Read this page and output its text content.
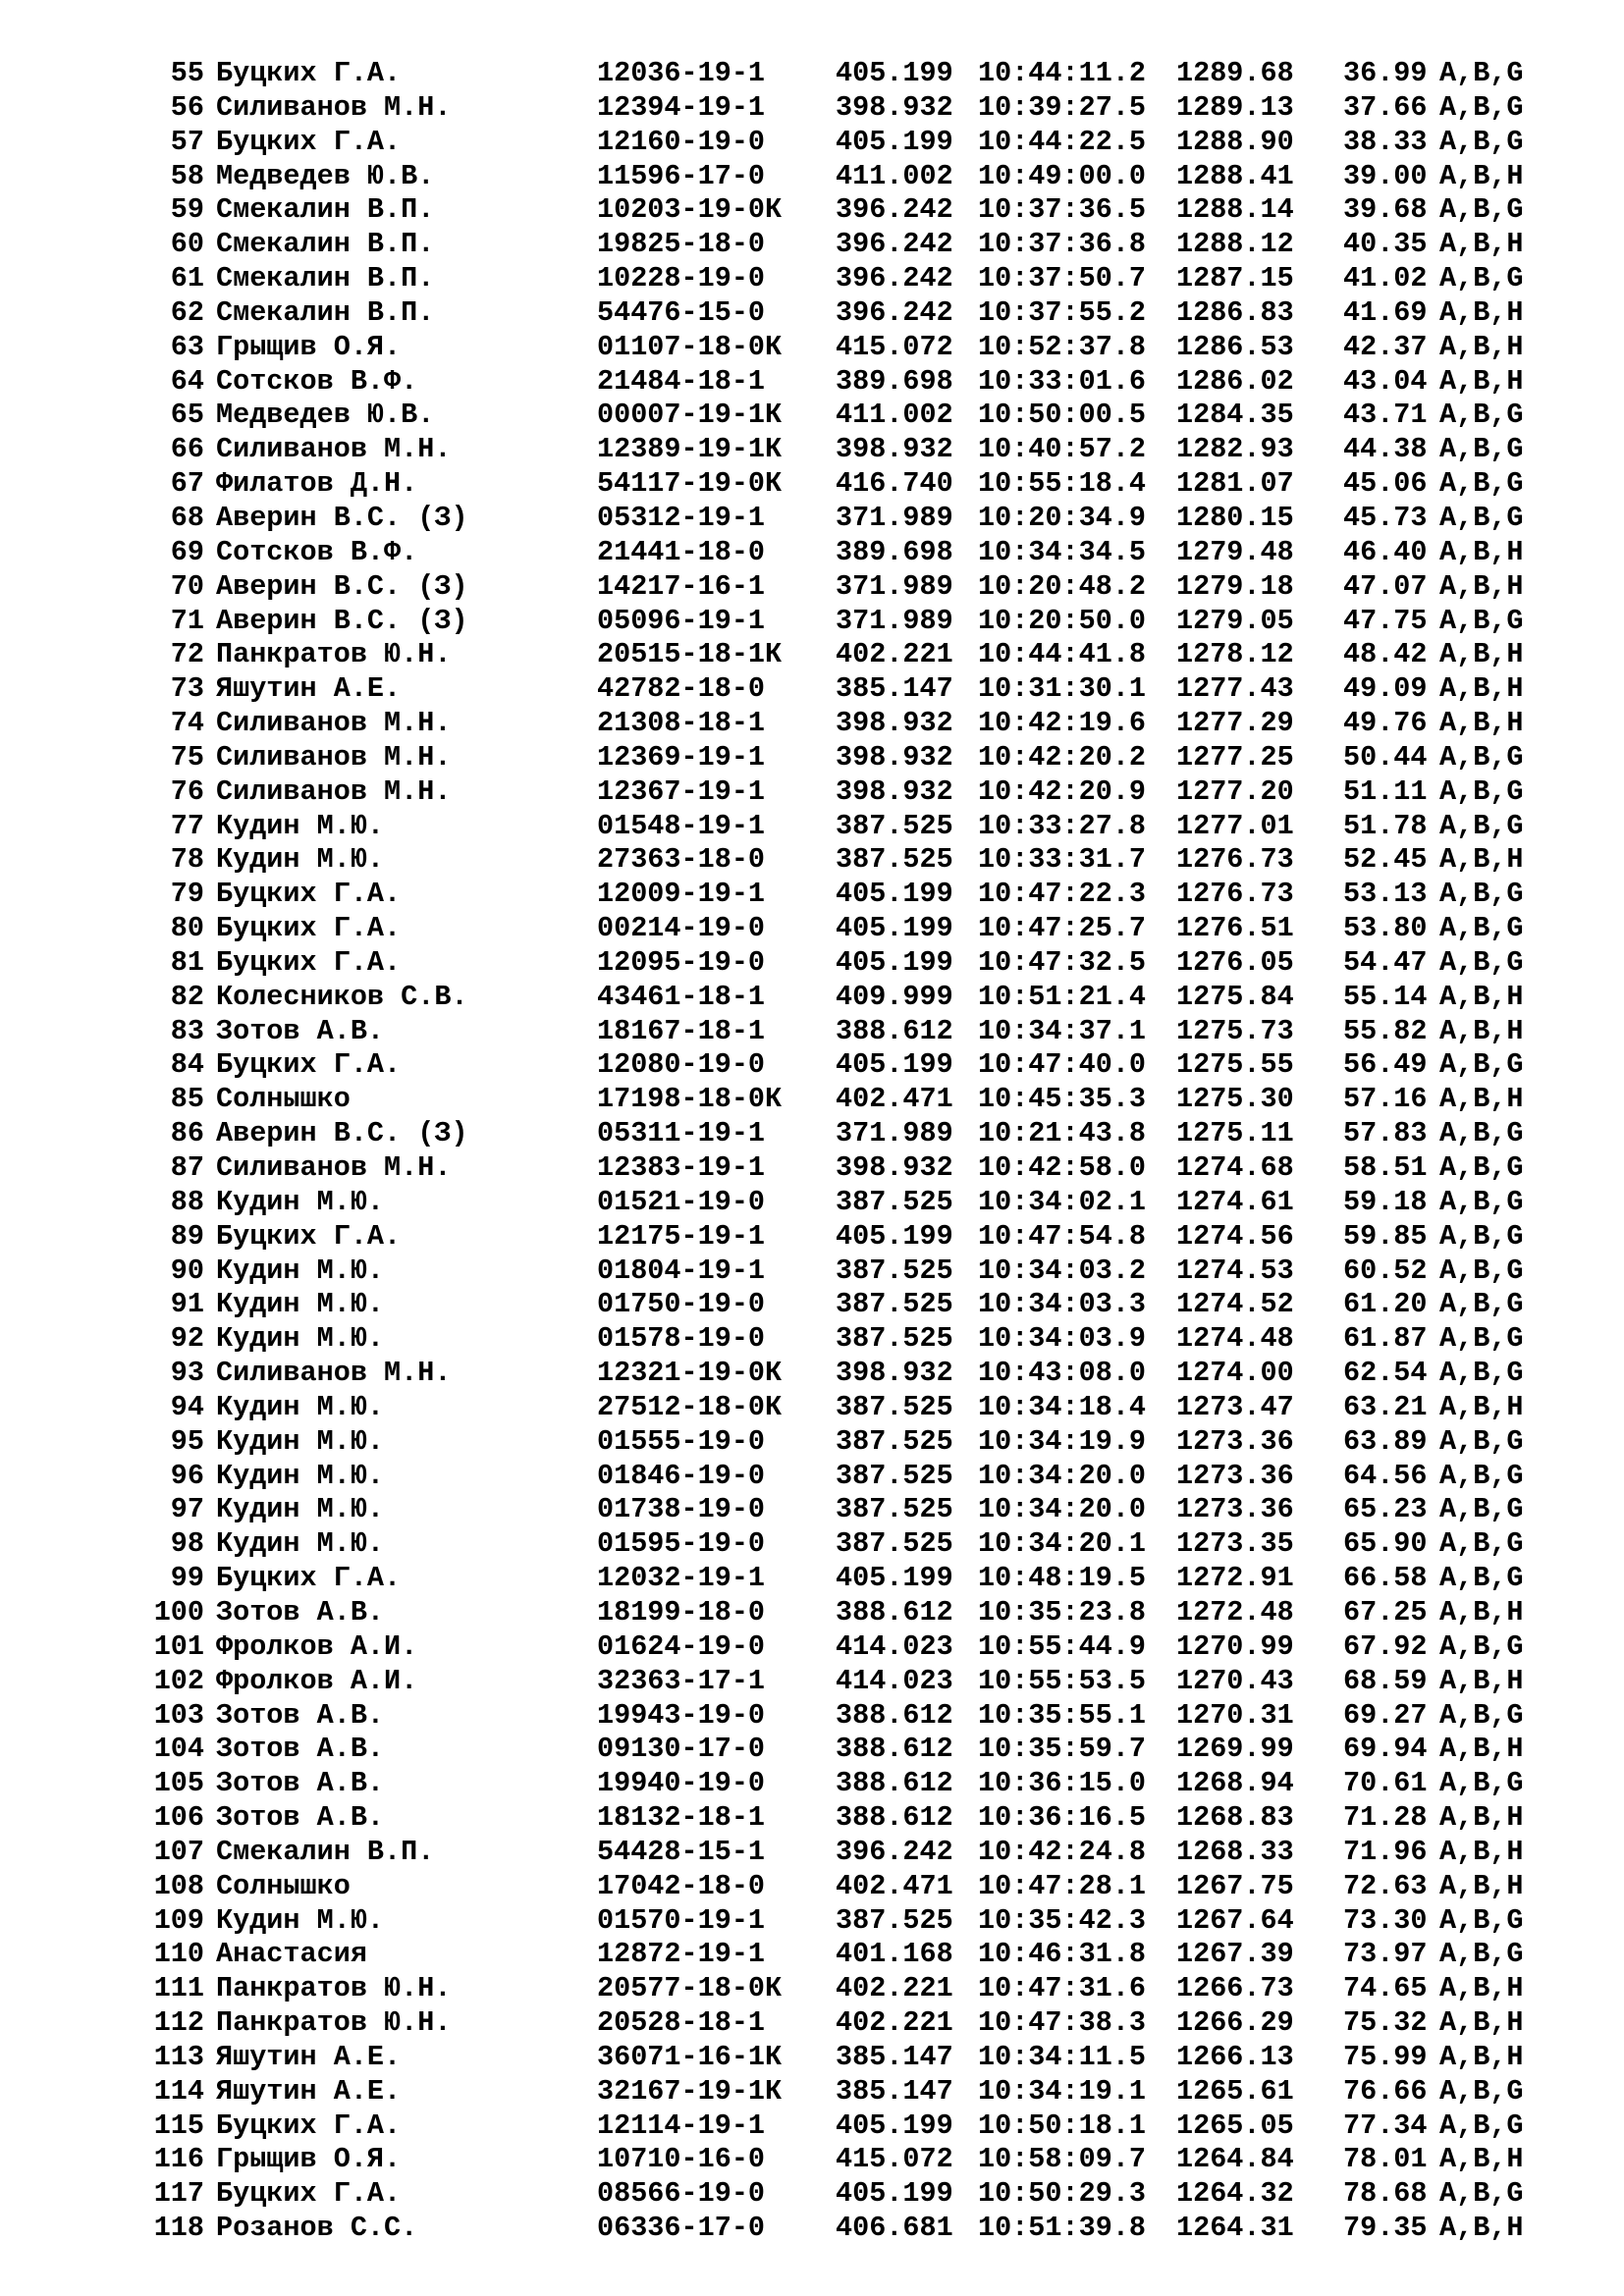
55 Буцких Г.А.	12036-19-1	405.199 10:44:11.2 1289.68 36.99 A,B,G
56 Силиванов М.Н.	12394-19-1	398.932 10:39:27.5 1289.13 37.66 A,B,G
57 Буцких Г.А.	12160-19-0	405.199 10:44:22.5 1288.90 38.33 A,B,G
58 Медведев Ю.В.	11596-17-0	411.002 10:49:00.0 1288.41 39.00 A,B,H
59 Смекалин В.П.	10203-19-0К 396.242 10:37:36.5 1288.14 39.68 A,B,G
60 Смекалин В.П.	19825-18-0	396.242 10:37:36.8 1288.12 40.35 A,B,H
61 Смекалин В.П.	10228-19-0	396.242 10:37:50.7 1287.15 41.02 A,B,G
62 Смекалин В.П.	54476-15-0	396.242 10:37:55.2 1286.83 41.69 A,B,H
63 Грыщив О.Я.	01107-18-0К 415.072 10:52:37.8 1286.53 42.37 A,B,H
64 Сотсков В.Ф.	21484-18-1	389.698 10:33:01.6 1286.02 43.04 A,B,H
65 Медведев Ю.В.	00007-19-1К 411.002 10:50:00.5 1284.35 43.71 A,B,G
66 Силиванов М.Н.	12389-19-1К 398.932 10:40:57.2 1282.93 44.38 A,B,G
67 Филатов Д.Н.	54117-19-0К 416.740 10:55:18.4 1281.07 45.06 A,B,G
68 Аверин В.С. (З)	05312-19-1	371.989 10:20:34.9 1280.15 45.73 A,B,G
69 Сотсков В.Ф.	21441-18-0	389.698 10:34:34.5 1279.48 46.40 A,B,H
70 Аверин В.С. (З)	14217-16-1	371.989 10:20:48.2 1279.18 47.07 A,B,H
71 Аверин В.С. (З)	05096-19-1	371.989 10:20:50.0 1279.05 47.75 A,B,G
72 Панкратов Ю.Н.	20515-18-1К 402.221 10:44:41.8 1278.12 48.42 A,B,H
73 Яшутин А.Е.	42782-18-0	385.147 10:31:30.1 1277.43 49.09 A,B,H
74 Силиванов М.Н.	21308-18-1	398.932 10:42:19.6 1277.29 49.76 A,B,H
75 Силиванов М.Н.	12369-19-1	398.932 10:42:20.2 1277.25 50.44 A,B,G
76 Силиванов М.Н.	12367-19-1	398.932 10:42:20.9 1277.20 51.11 A,B,G
77 Кудин М.Ю.	01548-19-1	387.525 10:33:27.8 1277.01 51.78 A,B,G
78 Кудин М.Ю.	27363-18-0	387.525 10:33:31.7 1276.73 52.45 A,B,H
79 Буцких Г.А.	12009-19-1	405.199 10:47:22.3 1276.73 53.13 A,B,G
80 Буцких Г.А.	00214-19-0	405.199 10:47:25.7 1276.51 53.80 A,B,G
81 Буцких Г.А.	12095-19-0	405.199 10:47:32.5 1276.05 54.47 A,B,G
82 Колесников С.В.	43461-18-1	409.999 10:51:21.4 1275.84 55.14 A,B,H
83 Зотов А.В.	18167-18-1	388.612 10:34:37.1 1275.73 55.82 A,B,H
84 Буцких Г.А.	12080-19-0	405.199 10:47:40.0 1275.55 56.49 A,B,G
85 Солнышко	17198-18-0К 402.471 10:45:35.3 1275.30 57.16 A,B,H
86 Аверин В.С. (З)	05311-19-1	371.989 10:21:43.8 1275.11 57.83 A,B,G
87 Силиванов М.Н.	12383-19-1	398.932 10:42:58.0 1274.68 58.51 A,B,G
88 Кудин М.Ю.	01521-19-0	387.525 10:34:02.1 1274.61 59.18 A,B,G
89 Буцких Г.А.	12175-19-1	405.199 10:47:54.8 1274.56 59.85 A,B,G
90 Кудин М.Ю.	01804-19-1	387.525 10:34:03.2 1274.53 60.52 A,B,G
91 Кудин М.Ю.	01750-19-0	387.525 10:34:03.3 1274.52 61.20 A,B,G
92 Кудин М.Ю.	01578-19-0	387.525 10:34:03.9 1274.48 61.87 A,B,G
93 Силиванов М.Н.	12321-19-0К 398.932 10:43:08.0 1274.00 62.54 A,B,G
94 Кудин М.Ю.	27512-18-0К 387.525 10:34:18.4 1273.47 63.21 A,B,H
95 Кудин М.Ю.	01555-19-0	387.525 10:34:19.9 1273.36 63.89 A,B,G
96 Кудин М.Ю.	01846-19-0	387.525 10:34:20.0 1273.36 64.56 A,B,G
97 Кудин М.Ю.	01738-19-0	387.525 10:34:20.0 1273.36 65.23 A,B,G
98 Кудин М.Ю.	01595-19-0	387.525 10:34:20.1 1273.35 65.90 A,B,G
99 Буцких Г.А.	12032-19-1	405.199 10:48:19.5 1272.91 66.58 A,B,G
100 Зотов А.В.	18199-18-0	388.612 10:35:23.8 1272.48 67.25 A,B,H
101 Фролков А.И.	01624-19-0	414.023 10:55:44.9 1270.99 67.92 A,B,G
102 Фролков А.И.	32363-17-1	414.023 10:55:53.5 1270.43 68.59 A,B,H
103 Зотов А.В.	19943-19-0	388.612 10:35:55.1 1270.31 69.27 A,B,G
104 Зотов А.В.	09130-17-0	388.612 10:35:59.7 1269.99 69.94 A,B,H
105 Зотов А.В.	19940-19-0	388.612 10:36:15.0 1268.94 70.61 A,B,G
106 Зотов А.В.	18132-18-1	388.612 10:36:16.5 1268.83 71.28 A,B,H
107 Смекалин В.П.	54428-15-1	396.242 10:42:24.8 1268.33 71.96 A,B,H
108 Солнышко	17042-18-0	402.471 10:47:28.1 1267.75 72.63 A,B,H
109 Кудин М.Ю.	01570-19-1	387.525 10:35:42.3 1267.64 73.30 A,B,G
110 Анастасия	12872-19-1	401.168 10:46:31.8 1267.39 73.97 A,B,G
111 Панкратов Ю.Н.	20577-18-0К 402.221 10:47:31.6 1266.73 74.65 A,B,H
112 Панкратов Ю.Н.	20528-18-1	402.221 10:47:38.3 1266.29 75.32 A,B,H
113 Яшутин А.Е.	36071-16-1К 385.147 10:34:11.5 1266.13 75.99 A,B,H
114 Яшутин А.Е.	32167-19-1К 385.147 10:34:19.1 1265.61 76.66 A,B,G
115 Буцких Г.А.	12114-19-1	405.199 10:50:18.1 1265.05 77.34 A,B,G
116 Грыщив О.Я.	10710-16-0	415.072 10:58:09.7 1264.84 78.01 A,B,H
117 Буцких Г.А.	08566-19-0	405.199 10:50:29.3 1264.32 78.68 A,B,G
118 Розанов С.С.	06336-17-0	406.681 10:51:39.8 1264.31 79.35 A,B,H
